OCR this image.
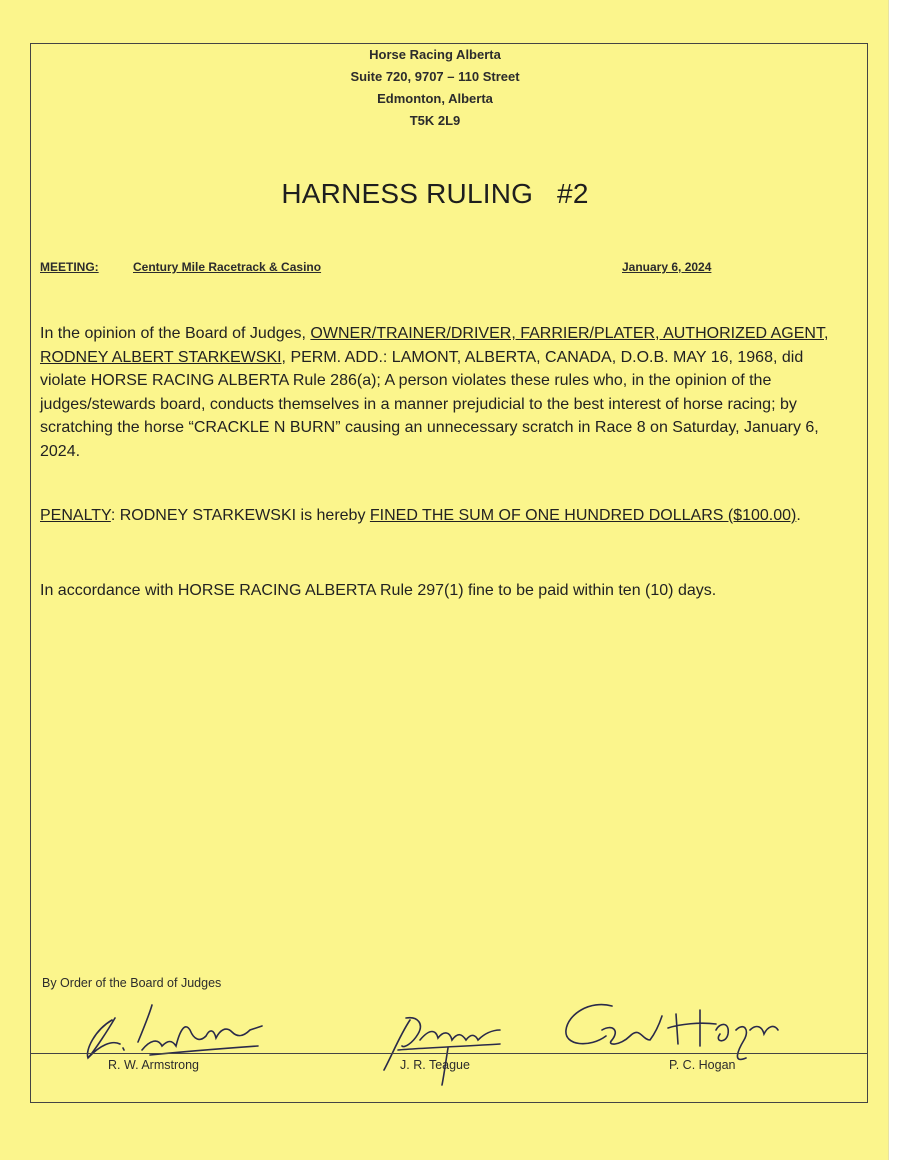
Horse Racing Alberta
Suite 720, 9707 – 110 Street
Edmonton, Alberta
T5K 2L9
HARNESS RULING   #2
MEETING:	Century Mile Racetrack & Casino	January 6, 2024

In the opinion of the Board of Judges, OWNER/TRAINER/DRIVER, FARRIER/PLATER, AUTHORIZED AGENT, RODNEY ALBERT STARKEWSKI, PERM. ADD.: LAMONT, ALBERTA, CANADA, D.O.B. MAY 16, 1968, did violate HORSE RACING ALBERTA Rule 286(a); A person violates these rules who, in the opinion of the judges/stewards board, conducts themselves in a manner prejudicial to the best interest of horse racing; by scratching the horse “CRACKLE N BURN” causing an unnecessary scratch in Race 8 on Saturday, January 6, 2024.

PENALTY: RODNEY STARKEWSKI is hereby FINED THE SUM OF ONE HUNDRED DOLLARS ($100.00).

In accordance with HORSE RACING ALBERTA Rule 297(1) fine to be paid within ten (10) days.
By Order of the Board of Judges
R. W. Armstrong	J. R. Teague	P. C. Hogan
